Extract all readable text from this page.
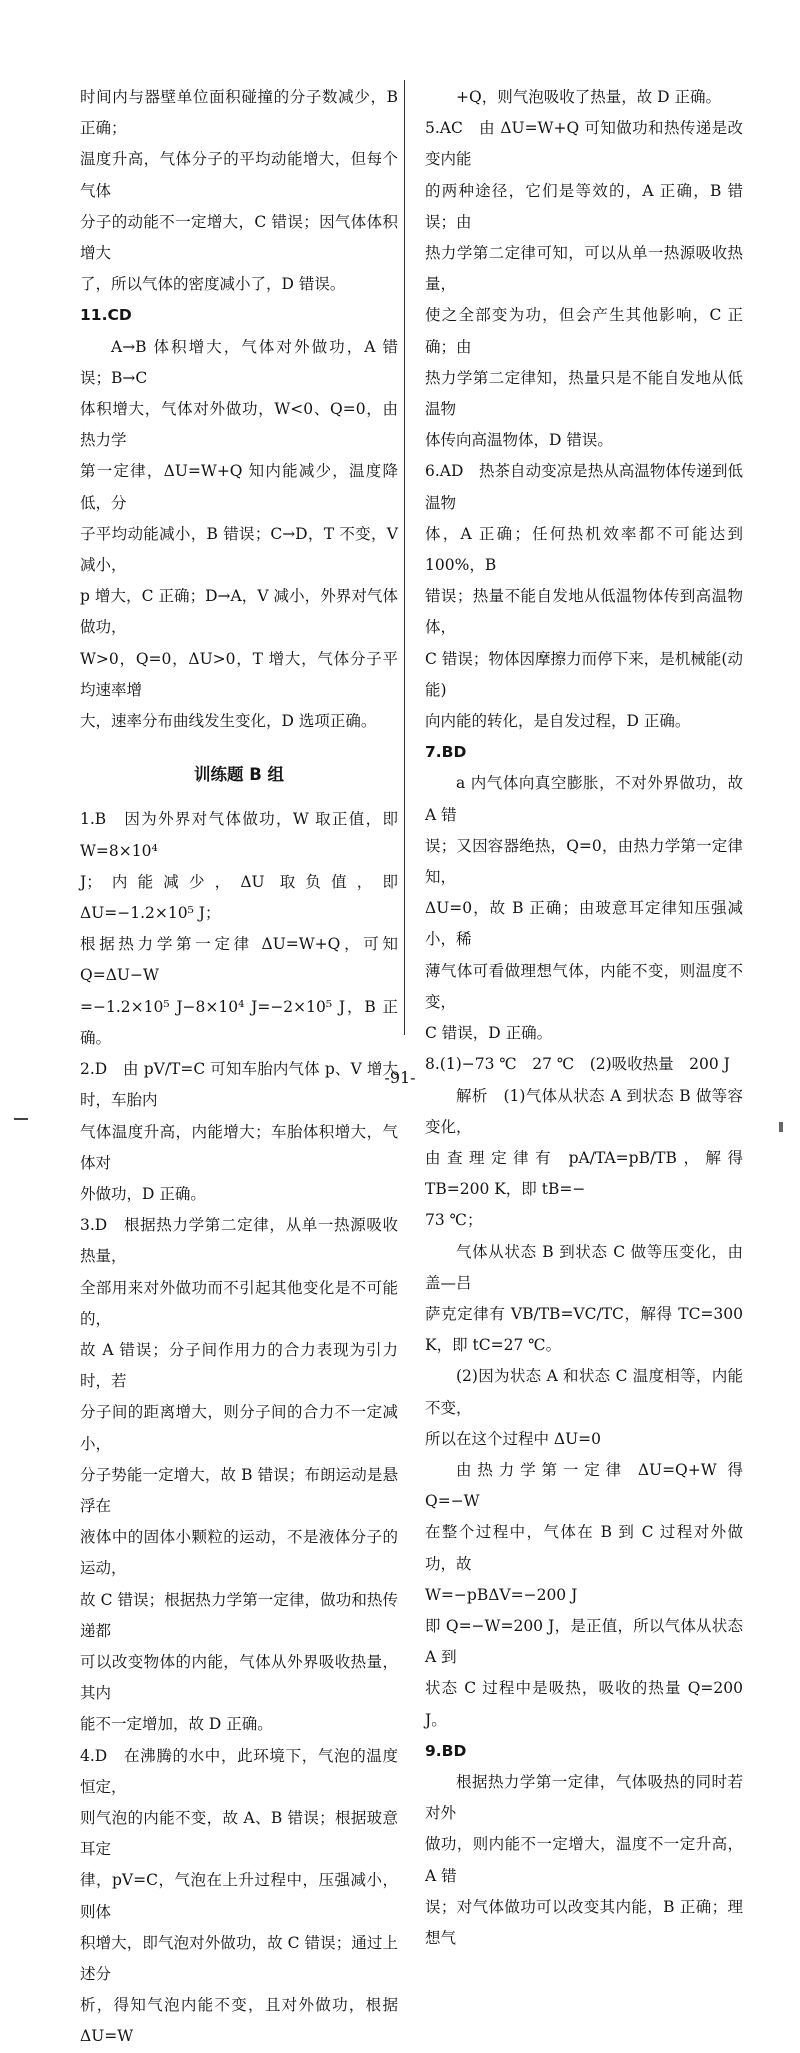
时间内与器壁单位面积碰撞的分子数减少，B 正确；

温度升高，气体分子的平均动能增大，但每个气体

分子的动能不一定增大，C 错误；因气体体积增大

了，所以气体的密度减小了，D 错误。

11.CD

A→B 体积增大，气体对外做功，A 错误；B→C

体积增大，气体对外做功，W<0、Q=0，由热力学

第一定律，ΔU=W+Q 知内能减少，温度降低，分

子平均动能减小，B 错误；C→D，T 不变，V 减小，

p 增大，C 正确；D→A，V 减小，外界对气体做功，

W>0，Q=0，ΔU>0，T 增大，气体分子平均速率增

大，速率分布曲线发生变化，D 选项正确。

训练题 B 组

1.B　因为外界对气体做功，W 取正值，即 W=8×10⁴

J；内能减少，ΔU 取负值，即 ΔU=−1.2×10⁵ J；

根据热力学第一定律 ΔU=W+Q，可知 Q=ΔU−W

=−1.2×10⁵ J−8×10⁴ J=−2×10⁵ J，B 正确。

2.D　由 pV/T=C 可知车胎内气体 p、V 增大时，车胎内

气体温度升高，内能增大；车胎体积增大，气体对

外做功，D 正确。

3.D　根据热力学第二定律，从单一热源吸收热量，

全部用来对外做功而不引起其他变化是不可能的，

故 A 错误；分子间作用力的合力表现为引力时，若

分子间的距离增大，则分子间的合力不一定减小，

分子势能一定增大，故 B 错误；布朗运动是悬浮在

液体中的固体小颗粒的运动，不是液体分子的运动，

故 C 错误；根据热力学第一定律，做功和热传递都

可以改变物体的内能，气体从外界吸收热量，其内

能不一定增加，故 D 正确。

4.D　在沸腾的水中，此环境下，气泡的温度恒定，

则气泡的内能不变，故 A、B 错误；根据玻意耳定

律，pV=C，气泡在上升过程中，压强减小，则体

积增大，即气泡对外做功，故 C 错误；通过上述分

析，得知气泡内能不变，且对外做功，根据 ΔU=W

+Q，则气泡吸收了热量，故 D 正确。

5.AC　由 ΔU=W+Q 可知做功和热传递是改变内能

的两种途径，它们是等效的，A 正确，B 错误；由

热力学第二定律可知，可以从单一热源吸收热量，

使之全部变为功，但会产生其他影响，C 正确；由

热力学第二定律知，热量只是不能自发地从低温物

体传向高温物体，D 错误。

6.AD　热茶自动变凉是热从高温物体传递到低温物

体，A 正确；任何热机效率都不可能达到 100%，B

错误；热量不能自发地从低温物体传到高温物体，

C 错误；物体因摩擦力而停下来，是机械能(动能)

向内能的转化，是自发过程，D 正确。

7.BD

a 内气体向真空膨胀，不对外界做功，故 A 错

误；又因容器绝热，Q=0，由热力学第一定律知，

ΔU=0，故 B 正确；由玻意耳定律知压强减小，稀

薄气体可看做理想气体，内能不变，则温度不变，

C 错误，D 正确。

8.(1)−73 ℃　27 ℃　(2)吸收热量　200 J

解析　(1)气体从状态 A 到状态 B 做等容变化，

由查理定律有 pA/TA=pB/TB，解得 TB=200 K，即 tB=−

73 ℃；

气体从状态 B 到状态 C 做等压变化，由盖—吕

萨克定律有 VB/TB=VC/TC，解得 TC=300 K，即 tC=27 ℃。

(2)因为状态 A 和状态 C 温度相等，内能不变，

所以在这个过程中 ΔU=0

由热力学第一定律 ΔU=Q+W 得 Q=−W

在整个过程中，气体在 B 到 C 过程对外做功，故

W=−pBΔV=−200 J

即 Q=−W=200 J，是正值，所以气体从状态 A 到

状态 C 过程中是吸热，吸收的热量 Q=200 J。

9.BD

根据热力学第一定律，气体吸热的同时若对外

做功，则内能不一定增大，温度不一定升高，A 错

误；对气体做功可以改变其内能，B 正确；理想气

-91-
